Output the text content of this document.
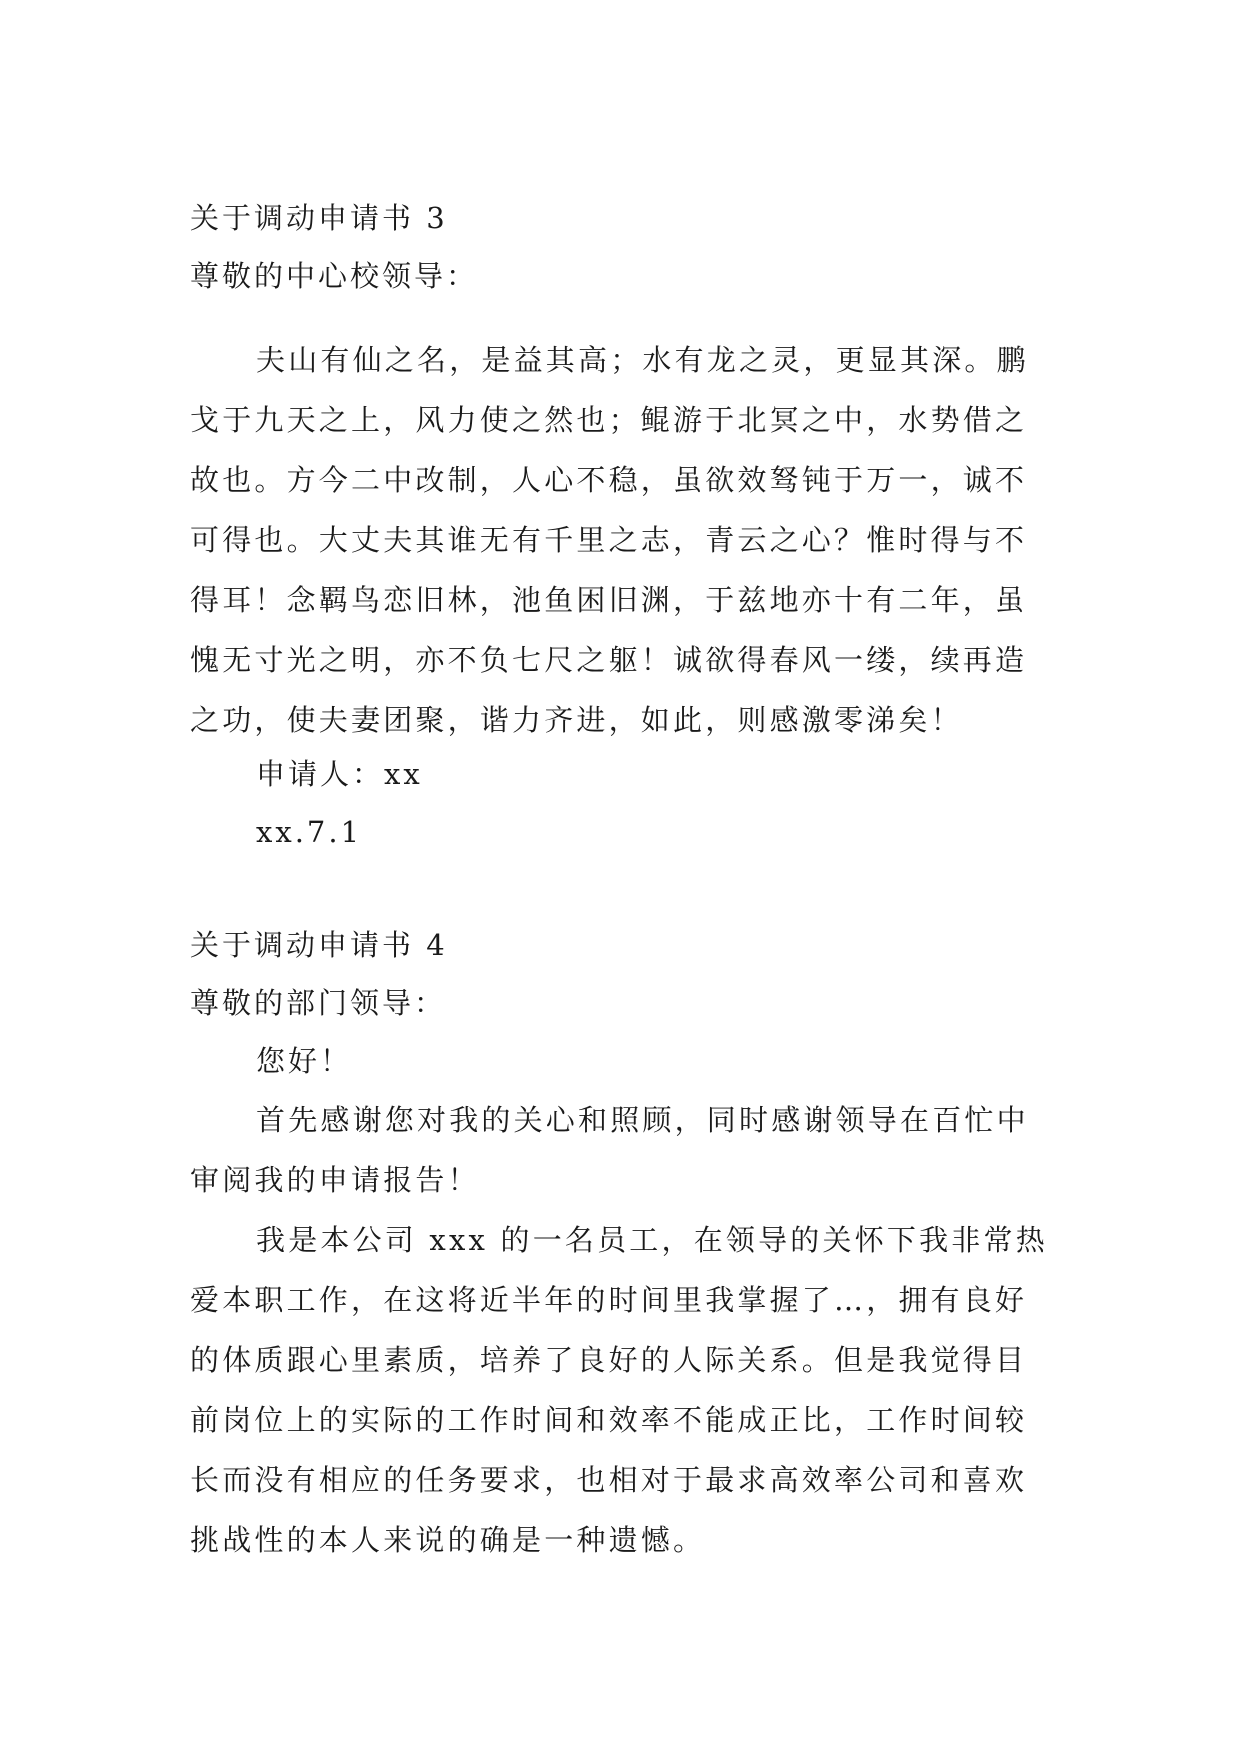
关于调动申请书 3
尊敬的中心校领导：
夫山有仙之名，是益其高；水有龙之灵，更显其深。鹏戈于九天之上，风力使之然也；鲲游于北冥之中，水势借之故也。方今二中改制，人心不稳，虽欲效驽钝于万一，诚不可得也。大丈夫其谁无有千里之志，青云之心？惟时得与不得耳！念羁鸟恋旧林，池鱼困旧渊，于兹地亦十有二年，虽愧无寸光之明，亦不负七尺之躯！诚欲得春风一缕，续再造之功，使夫妻团聚，谐力齐进，如此，则感激零涕矣！
申请人：xx
xx.7.1
关于调动申请书 4
尊敬的部门领导：
您好！
首先感谢您对我的关心和照顾，同时感谢领导在百忙中审阅我的申请报告！
我是本公司 xxx 的一名员工，在领导的关怀下我非常热爱本职工作，在这将近半年的时间里我掌握了…，拥有良好的体质跟心里素质，培养了良好的人际关系。但是我觉得目前岗位上的实际的工作时间和效率不能成正比，工作时间较长而没有相应的任务要求，也相对于最求高效率公司和喜欢挑战性的本人来说的确是一种遗憾。
